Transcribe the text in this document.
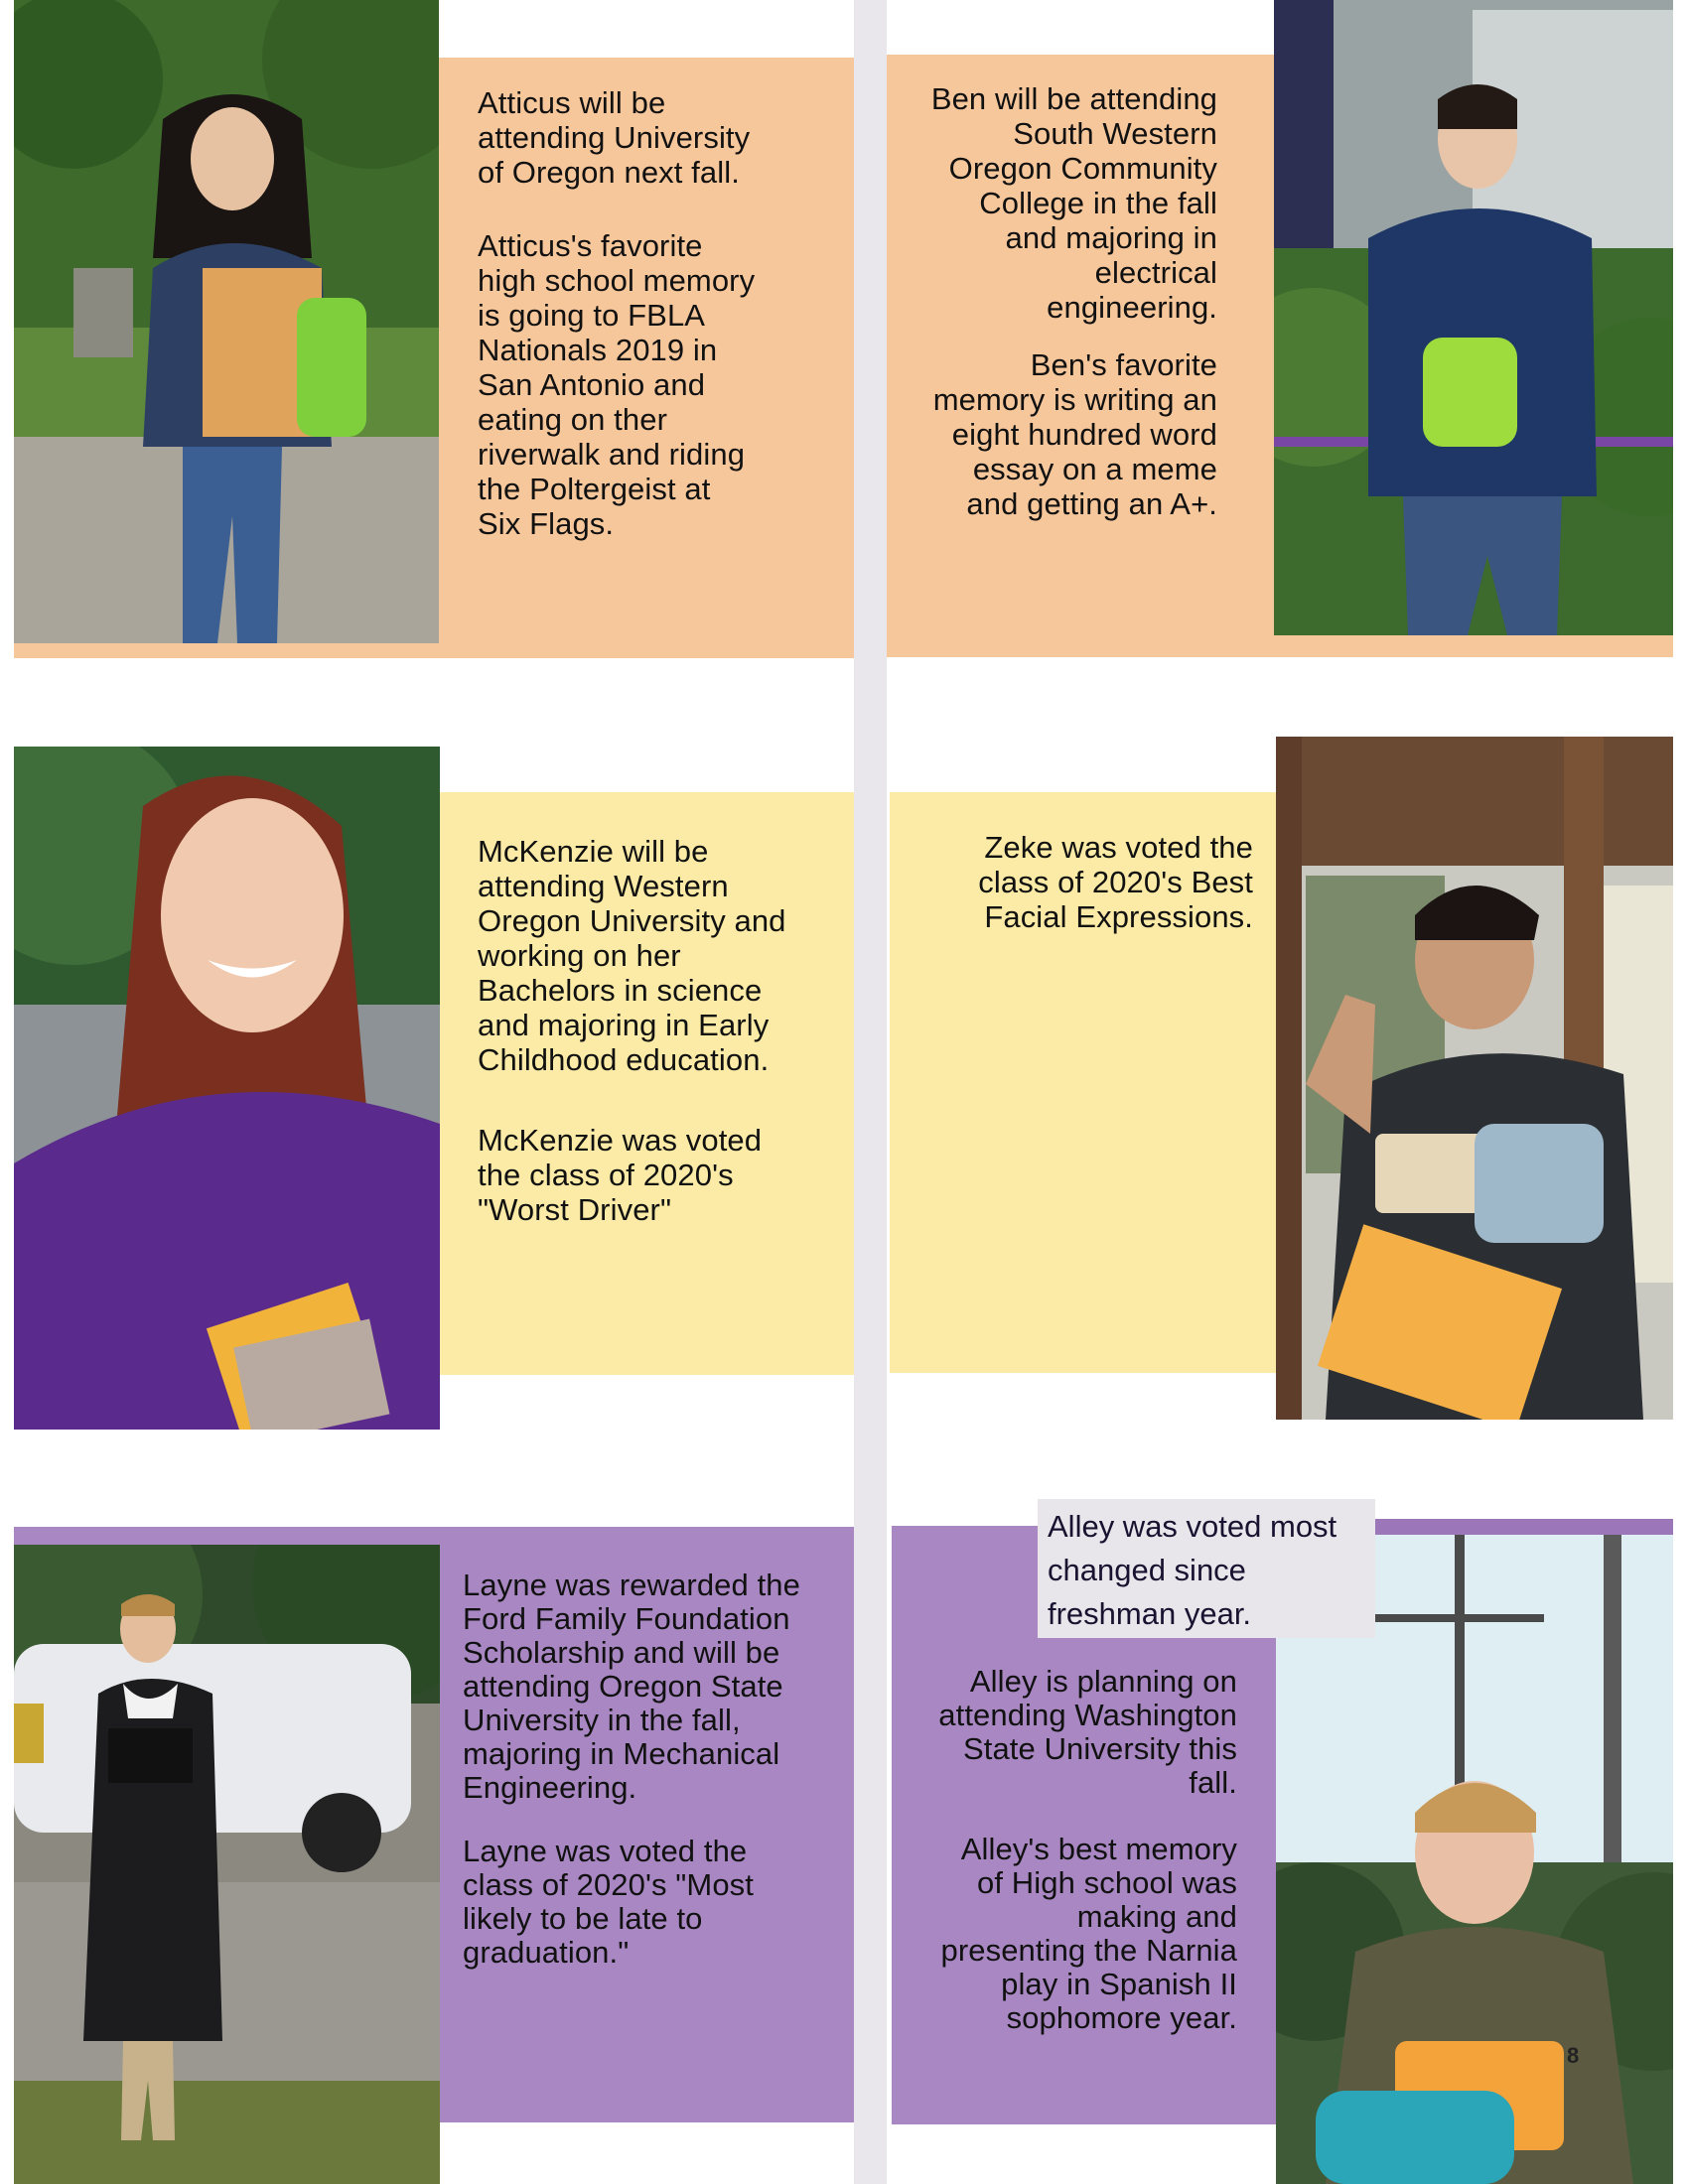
Atticus will be
attending University
of Oregon next fall.

Atticus's favorite
high school memory
is going to FBLA
Nationals 2019 in
San Antonio and
eating on ther
riverwalk and riding
the Poltergeist at
Six Flags.

Ben will be attending
South Western
Oregon Community
College in the fall
and majoring in
electrical
engineering.

Ben's favorite
memory is writing an
eight hundred word
essay on a meme
and getting an A+.

McKenzie will be
attending Western
Oregon University and
working on her
Bachelors in science
and majoring in Early
Childhood education.

McKenzie was voted
the class of 2020's
"Worst Driver"

Zeke was voted the
class of 2020's Best
Facial Expressions.

Layne was rewarded the
Ford Family Foundation
Scholarship and will be
attending Oregon State
University in the fall,
majoring in Mechanical
Engineering.

Layne was voted the
class of 2020's "Most
likely to be late to
graduation."

Alley was voted most
changed since
freshman year.

Alley is planning on
attending Washington
State University this
fall.

Alley's best memory
of High school was
making and
presenting the Narnia
play in Spanish II
sophomore year.

8
